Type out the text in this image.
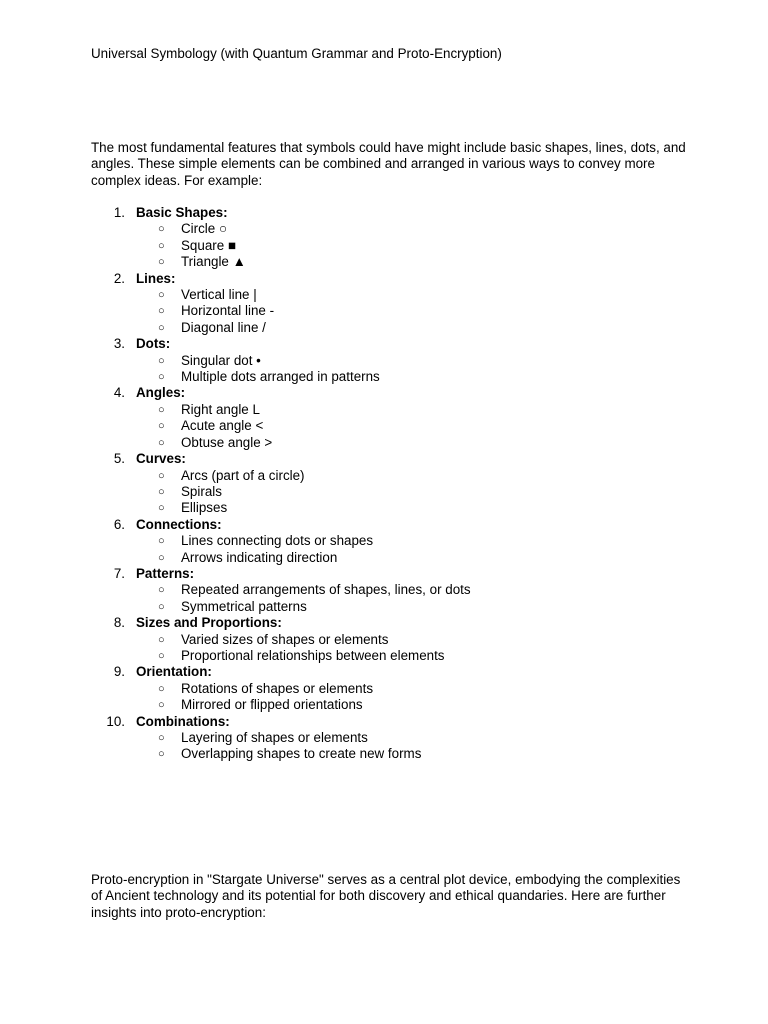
Universal Symbology (with Quantum Grammar and Proto-Encryption)

The most fundamental features that symbols could have might include basic shapes, lines, dots, and angles. These simple elements can be combined and arranged in various ways to convey more complex ideas. For example:

1. Basic Shapes:
○ Circle ○
○ Square ■
○ Triangle ▲
2. Lines:
○ Vertical line |
○ Horizontal line -
○ Diagonal line /
3. Dots:
○ Singular dot •
○ Multiple dots arranged in patterns
4. Angles:
○ Right angle L
○ Acute angle <
○ Obtuse angle >
5. Curves:
○ Arcs (part of a circle)
○ Spirals
○ Ellipses
6. Connections:
○ Lines connecting dots or shapes
○ Arrows indicating direction
7. Patterns:
○ Repeated arrangements of shapes, lines, or dots
○ Symmetrical patterns
8. Sizes and Proportions:
○ Varied sizes of shapes or elements
○ Proportional relationships between elements
9. Orientation:
○ Rotations of shapes or elements
○ Mirrored or flipped orientations
10. Combinations:
○ Layering of shapes or elements
○ Overlapping shapes to create new forms

Proto-encryption in "Stargate Universe" serves as a central plot device, embodying the complexities of Ancient technology and its potential for both discovery and ethical quandaries. Here are further insights into proto-encryption:
